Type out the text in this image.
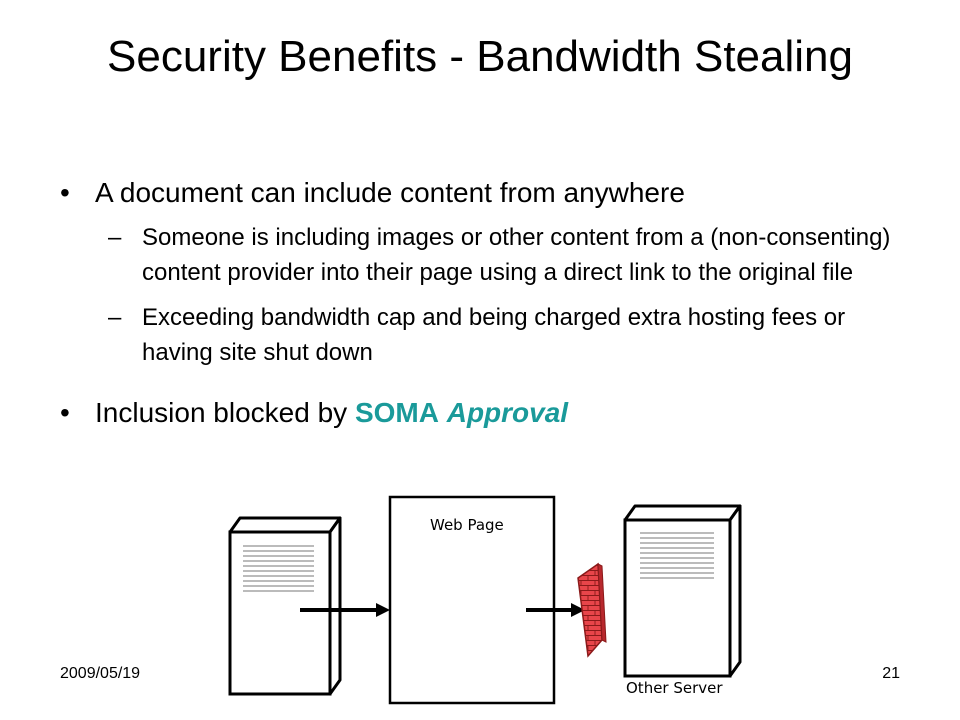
Security Benefits - Bandwidth Stealing
• A document can include content from anywhere
– Someone is including images or other content from a (non-consenting) content provider into their page using a direct link to the original file
– Exceeding bandwidth cap and being charged extra hosting fees or having site shut down
• Inclusion blocked by SOMA Approval
Web Page
Other Server
2009/05/19	21
